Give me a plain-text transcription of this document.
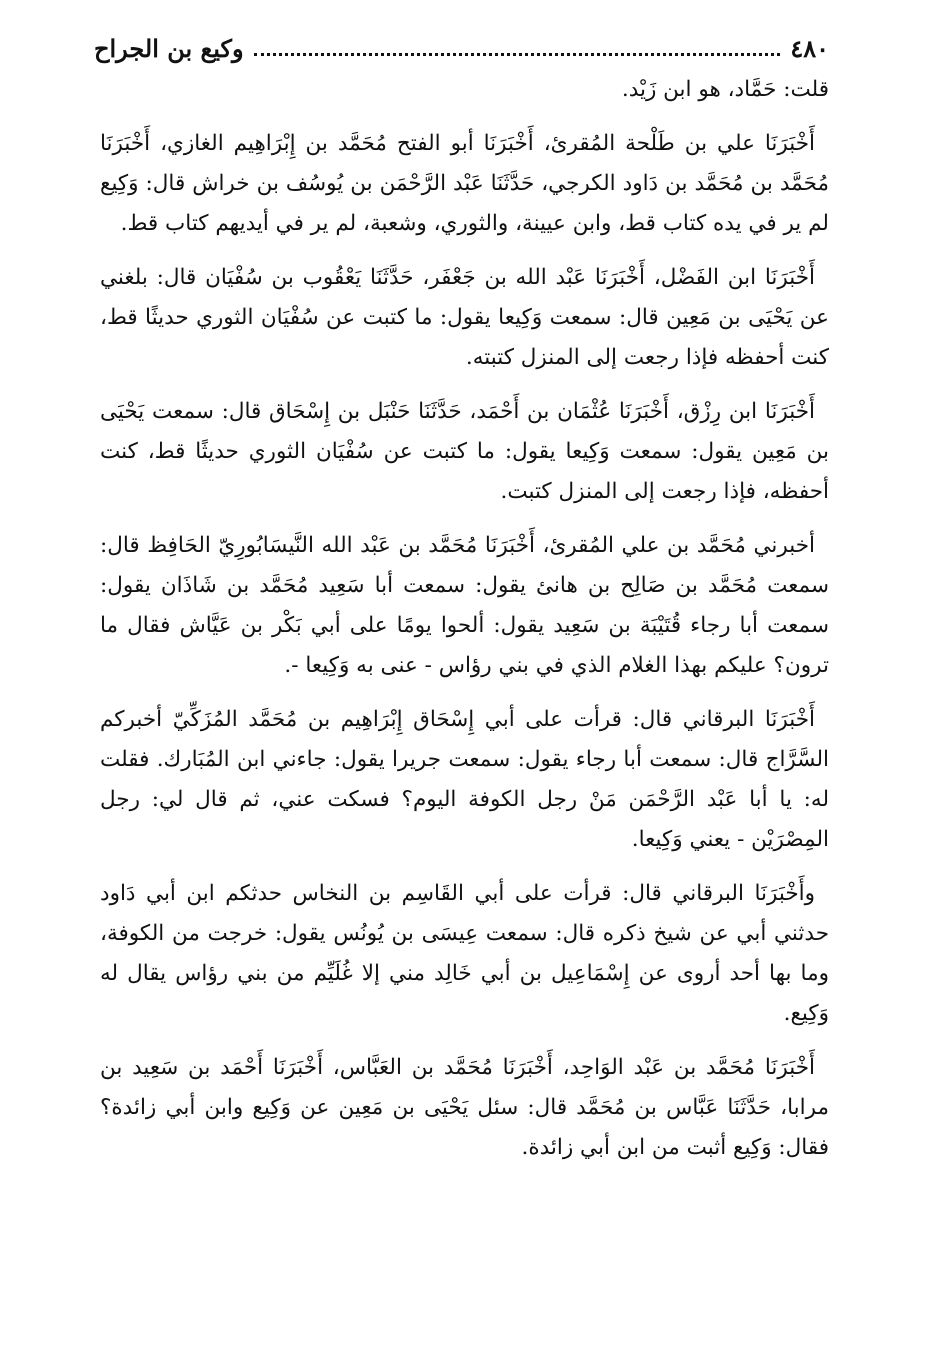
٤٨٠
وكيع بن الجراح

قلت: حَمَّاد، هو ابن زَيْد.

أَخْبَرَنَا علي بن طَلْحة المُقرئ، أَخْبَرَنَا أبو الفتح مُحَمَّد بن إِبْرَاهِيم الغازي، أَخْبَرَنَا مُحَمَّد بن مُحَمَّد بن دَاود الكرجي، حَدَّثَنَا عَبْد الرَّحْمَن بن يُوسُف بن خراش قال: وَكِيع لم ير في يده كتاب قط، وابن عيينة، والثوري، وشعبة، لم ير في أيديهم كتاب قط.

أَخْبَرَنَا ابن الفَضْل، أَخْبَرَنَا عَبْد الله بن جَعْفَر، حَدَّثَنَا يَعْقُوب بن سُفْيَان قال: بلغني عن يَحْيَى بن مَعِين قال: سمعت وَكِيعا يقول: ما كتبت عن سُفْيَان الثوري حديثًا قط، كنت أحفظه فإذا رجعت إلى المنزل كتبته.

أَخْبَرَنَا ابن رِزْق، أَخْبَرَنَا عُثْمَان بن أَحْمَد، حَدَّثَنَا حَنْبَل بن إِسْحَاق قال: سمعت يَحْيَى بن مَعِين يقول: سمعت وَكِيعا يقول: ما كتبت عن سُفْيَان الثوري حديثًا قط، كنت أحفظه، فإذا رجعت إلى المنزل كتبت.

أخبرني مُحَمَّد بن علي المُقرئ، أَخْبَرَنَا مُحَمَّد بن عَبْد الله النَّيسَابُورِيّ الحَافِظ قال: سمعت مُحَمَّد بن صَالِح بن هانئ يقول: سمعت أبا سَعِيد مُحَمَّد بن شَاذَان يقول: سمعت أبا رجاء قُتَيْبَة بن سَعِيد يقول: ألحوا يومًا على أبي بَكْر بن عَيَّاش فقال ما ترون؟ عليكم بهذا الغلام الذي في بني رؤاس - عنى به وَكِيعا -.

أَخْبَرَنَا البرقاني قال: قرأت على أبي إِسْحَاق إِبْرَاهِيم بن مُحَمَّد المُزَكِّيّ أخبركم السَّرَّاج قال: سمعت أبا رجاء يقول: سمعت جريرا يقول: جاءني ابن المُبَارك. فقلت له: يا أبا عَبْد الرَّحْمَن مَنْ رجل الكوفة اليوم؟ فسكت عني، ثم قال لي: رجل المِصْرَيْن - يعني وَكِيعا.

وأَخْبَرَنَا البرقاني قال: قرأت على أبي القَاسِم بن النخاس حدثكم ابن أبي دَاود حدثني أبي عن شيخ ذكره قال: سمعت عِيسَى بن يُونُس يقول: خرجت من الكوفة، وما بها أحد أروى عن إِسْمَاعِيل بن أبي خَالِد مني إلا غُلَيِّم من بني رؤاس يقال له وَكِيع.

أَخْبَرَنَا مُحَمَّد بن عَبْد الوَاحِد، أَخْبَرَنَا مُحَمَّد بن العَبَّاس، أَخْبَرَنَا أَحْمَد بن سَعِيد بن مرابا، حَدَّثَنَا عَبَّاس بن مُحَمَّد قال: سئل يَحْيَى بن مَعِين عن وَكِيع وابن أبي زائدة؟ فقال: وَكِيع أثبت من ابن أبي زائدة.
